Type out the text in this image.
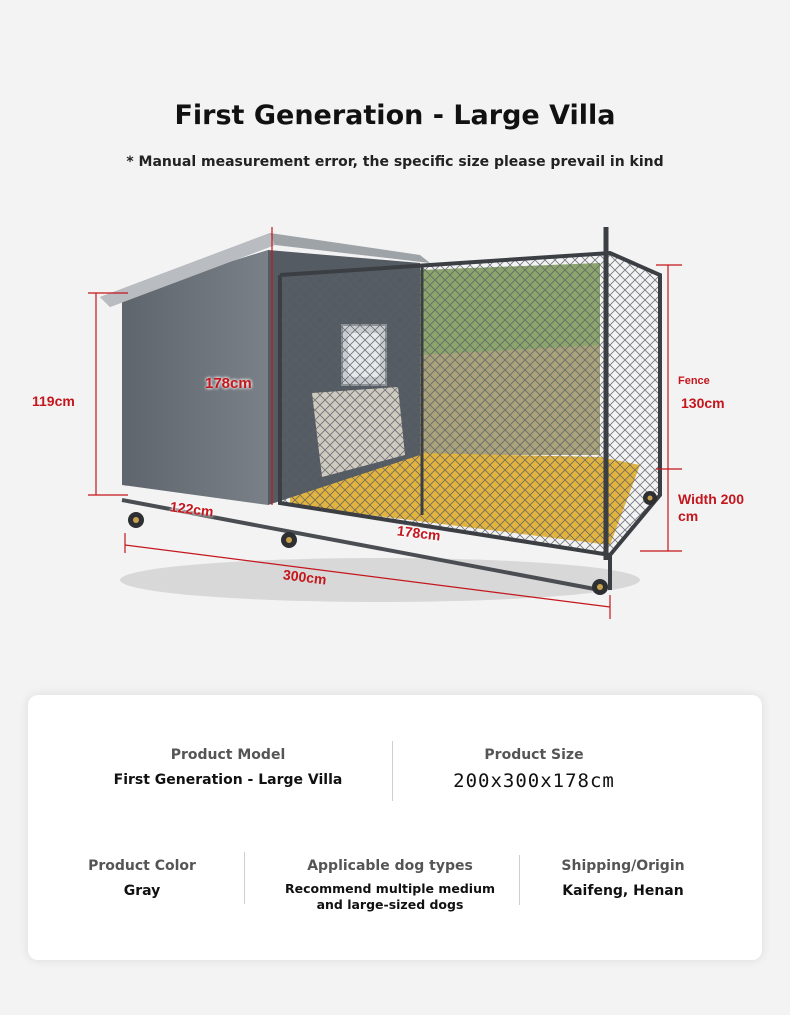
First Generation - Large Villa
* Manual measurement error, the specific size please prevail in kind
119cm
178cm
122cm
178cm
300cm
Fence
130cm
Width 200
cm
Product Model
First Generation - Large Villa
Product Size
200x300x178cm
Product Color
Gray
Applicable dog types
Recommend multiple medium and large-sized dogs
Shipping/Origin
Kaifeng, Henan
